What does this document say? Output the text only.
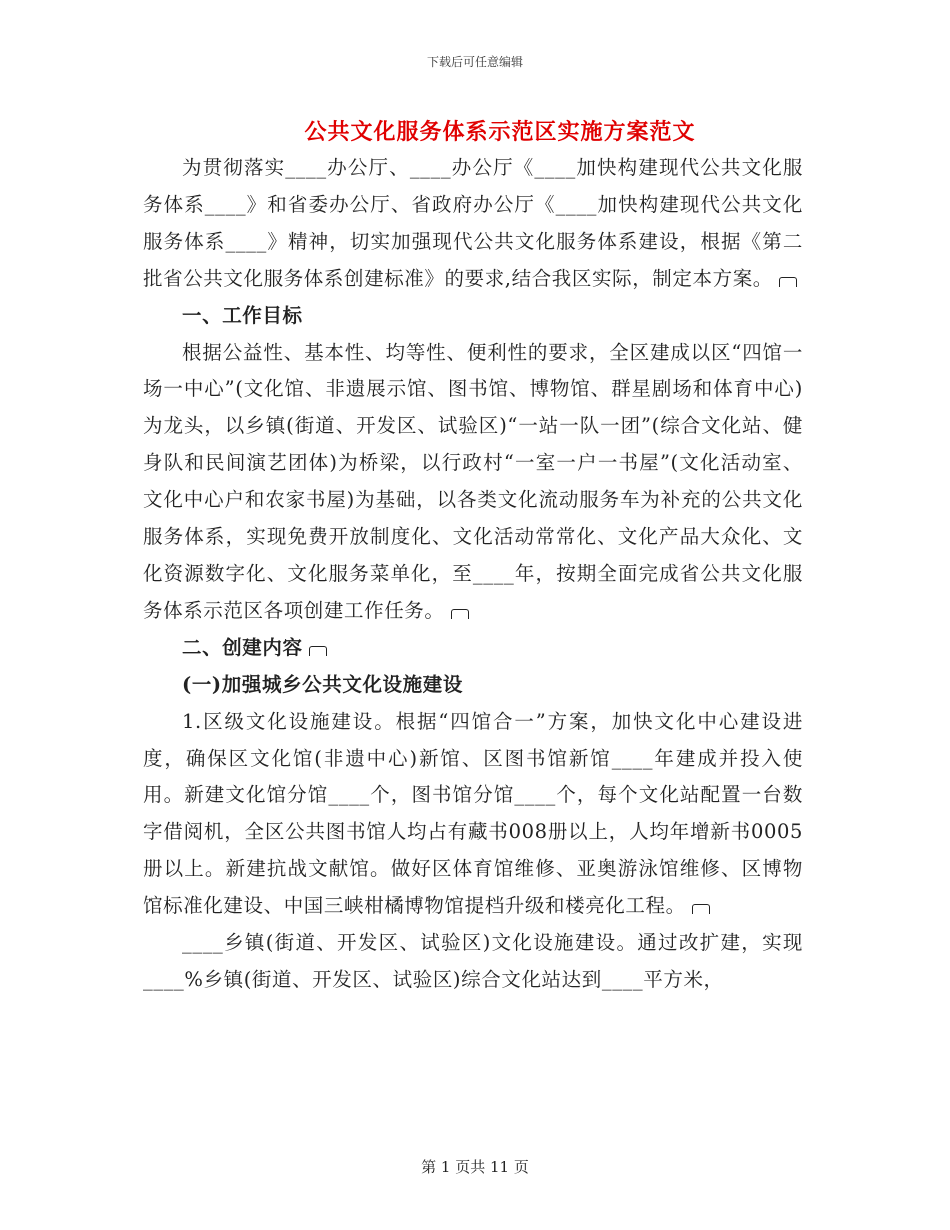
下载后可任意编辑
公共文化服务体系示范区实施方案范文

为贯彻落实____办公厅、____办公厅《____加快构建现代公共文化服务体系____》和省委办公厅、省政府办公厅《____加快构建现代公共文化服务体系____》精神，切实加强现代公共文化服务体系建设，根据《第二批省公共文化服务体系创建标准》的要求,结合我区实际，制定本方案。

一、工作目标

根据公益性、基本性、均等性、便利性的要求，全区建成以区“四馆一场一中心”(文化馆、非遗展示馆、图书馆、博物馆、群星剧场和体育中心)为龙头，以乡镇(街道、开发区、试验区)“一站一队一团”(综合文化站、健身队和民间演艺团体)为桥梁，以行政村“一室一户一书屋”(文化活动室、文化中心户和农家书屋)为基础，以各类文化流动服务车为补充的公共文化服务体系，实现免费开放制度化、文化活动常常化、文化产品大众化、文化资源数字化、文化服务菜单化，至____年，按期全面完成省公共文化服务体系示范区各项创建工作任务。

二、创建内容

(一)加强城乡公共文化设施建设

1.区级文化设施建设。根据“四馆合一”方案，加快文化中心建设进度，确保区文化馆(非遗中心)新馆、区图书馆新馆____年建成并投入使用。新建文化馆分馆____个，图书馆分馆____个，每个文化站配置一台数字借阅机，全区公共图书馆人均占有藏书008册以上，人均年增新书0005册以上。新建抗战文献馆。做好区体育馆维修、亚奥游泳馆维修、区博物馆标准化建设、中国三峡柑橘博物馆提档升级和楼亮化工程。

____乡镇(街道、开发区、试验区)文化设施建设。通过改扩建，实现____%乡镇(街道、开发区、试验区)综合文化站达到____平方米，

第 1 页共 11 页
